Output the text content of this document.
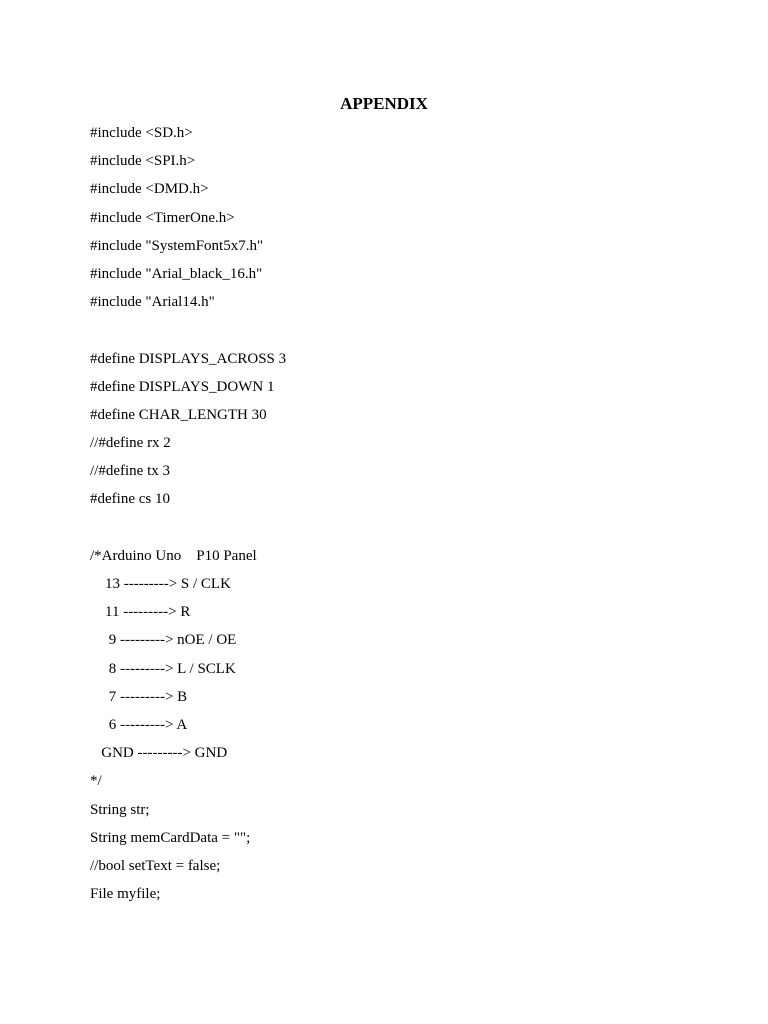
APPENDIX
#include <SD.h>
#include <SPI.h>
#include <DMD.h>
#include <TimerOne.h>
#include "SystemFont5x7.h"
#include "Arial_black_16.h"
#include "Arial14.h"
#define DISPLAYS_ACROSS 3
#define DISPLAYS_DOWN 1
#define CHAR_LENGTH 30
//#define rx 2
//#define tx 3
#define cs 10
/*Arduino Uno    P10 Panel
13 ---------> S / CLK
11 ---------> R
9 ---------> nOE / OE
8 ---------> L / SCLK
7 ---------> B
6 ---------> A
GND ---------> GND
*/
String str;
String memCardData = "";
//bool setText = false;
File myfile;
